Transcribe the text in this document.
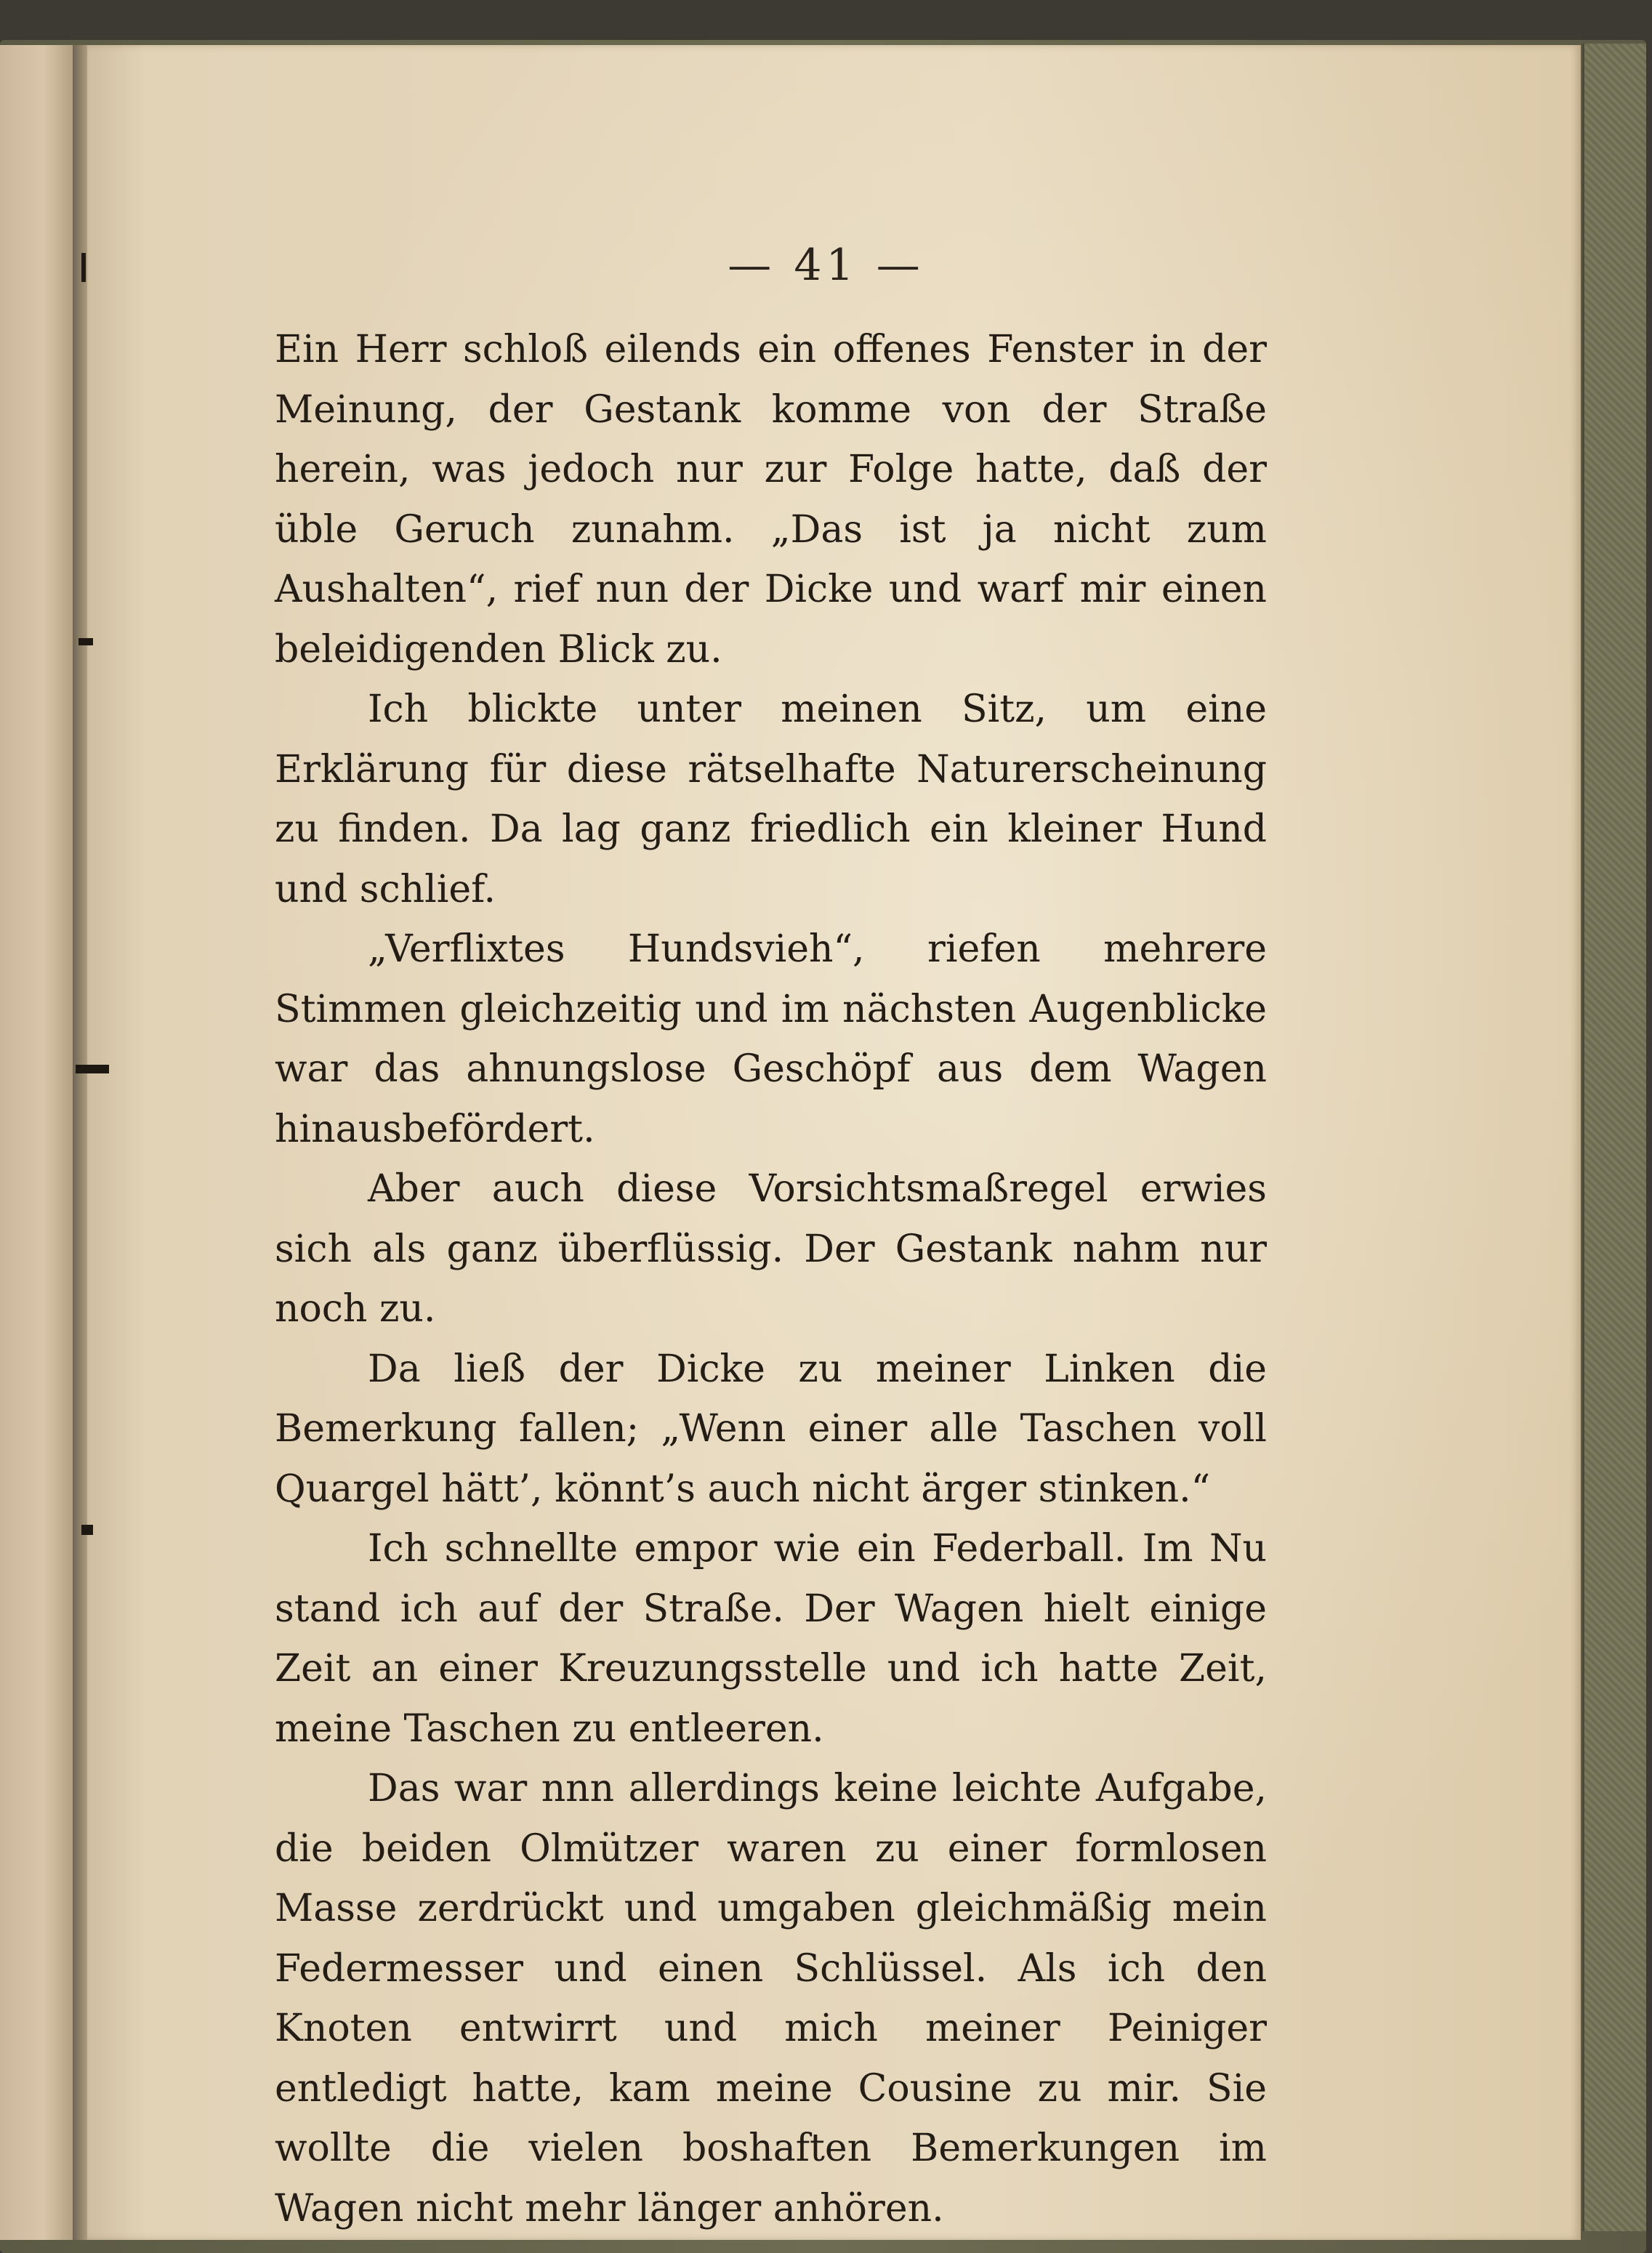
— 41 —

Ein Herr schloß eilends ein offenes Fenster in der Meinung, der Gestank komme von der Straße herein, was jedoch nur zur Folge hatte, daß der üble Geruch zunahm. „Das ist ja nicht zum Aushalten“, rief nun der Dicke und warf mir einen beleidigenden Blick zu.

Ich blickte unter meinen Sitz, um eine Erklärung für diese rätselhafte Naturerscheinung zu finden. Da lag ganz friedlich ein kleiner Hund und schlief.

„Verflixtes Hundsvieh“, riefen mehrere Stimmen gleichzeitig und im nächsten Augenblicke war das ahnungslose Geschöpf aus dem Wagen hinausbefördert.

Aber auch diese Vorsichtsmaßregel erwies sich als ganz überflüssig. Der Gestank nahm nur noch zu.

Da ließ der Dicke zu meiner Linken die Bemerkung fallen; „Wenn einer alle Taschen voll Quargel hätt’, könnt’s auch nicht ärger stinken.“

Ich schnellte empor wie ein Federball. Im Nu stand ich auf der Straße. Der Wagen hielt einige Zeit an einer Kreuzungsstelle und ich hatte Zeit, meine Taschen zu entleeren.

Das war nnn allerdings keine leichte Aufgabe, die beiden Olmützer waren zu einer formlosen Masse zerdrückt und umgaben gleichmäßig mein Federmesser und einen Schlüssel. Als ich den Knoten entwirrt und mich meiner Peiniger entledigt hatte, kam meine Cousine zu mir. Sie wollte die vielen boshaften Bemerkungen im Wagen nicht mehr länger anhören.
